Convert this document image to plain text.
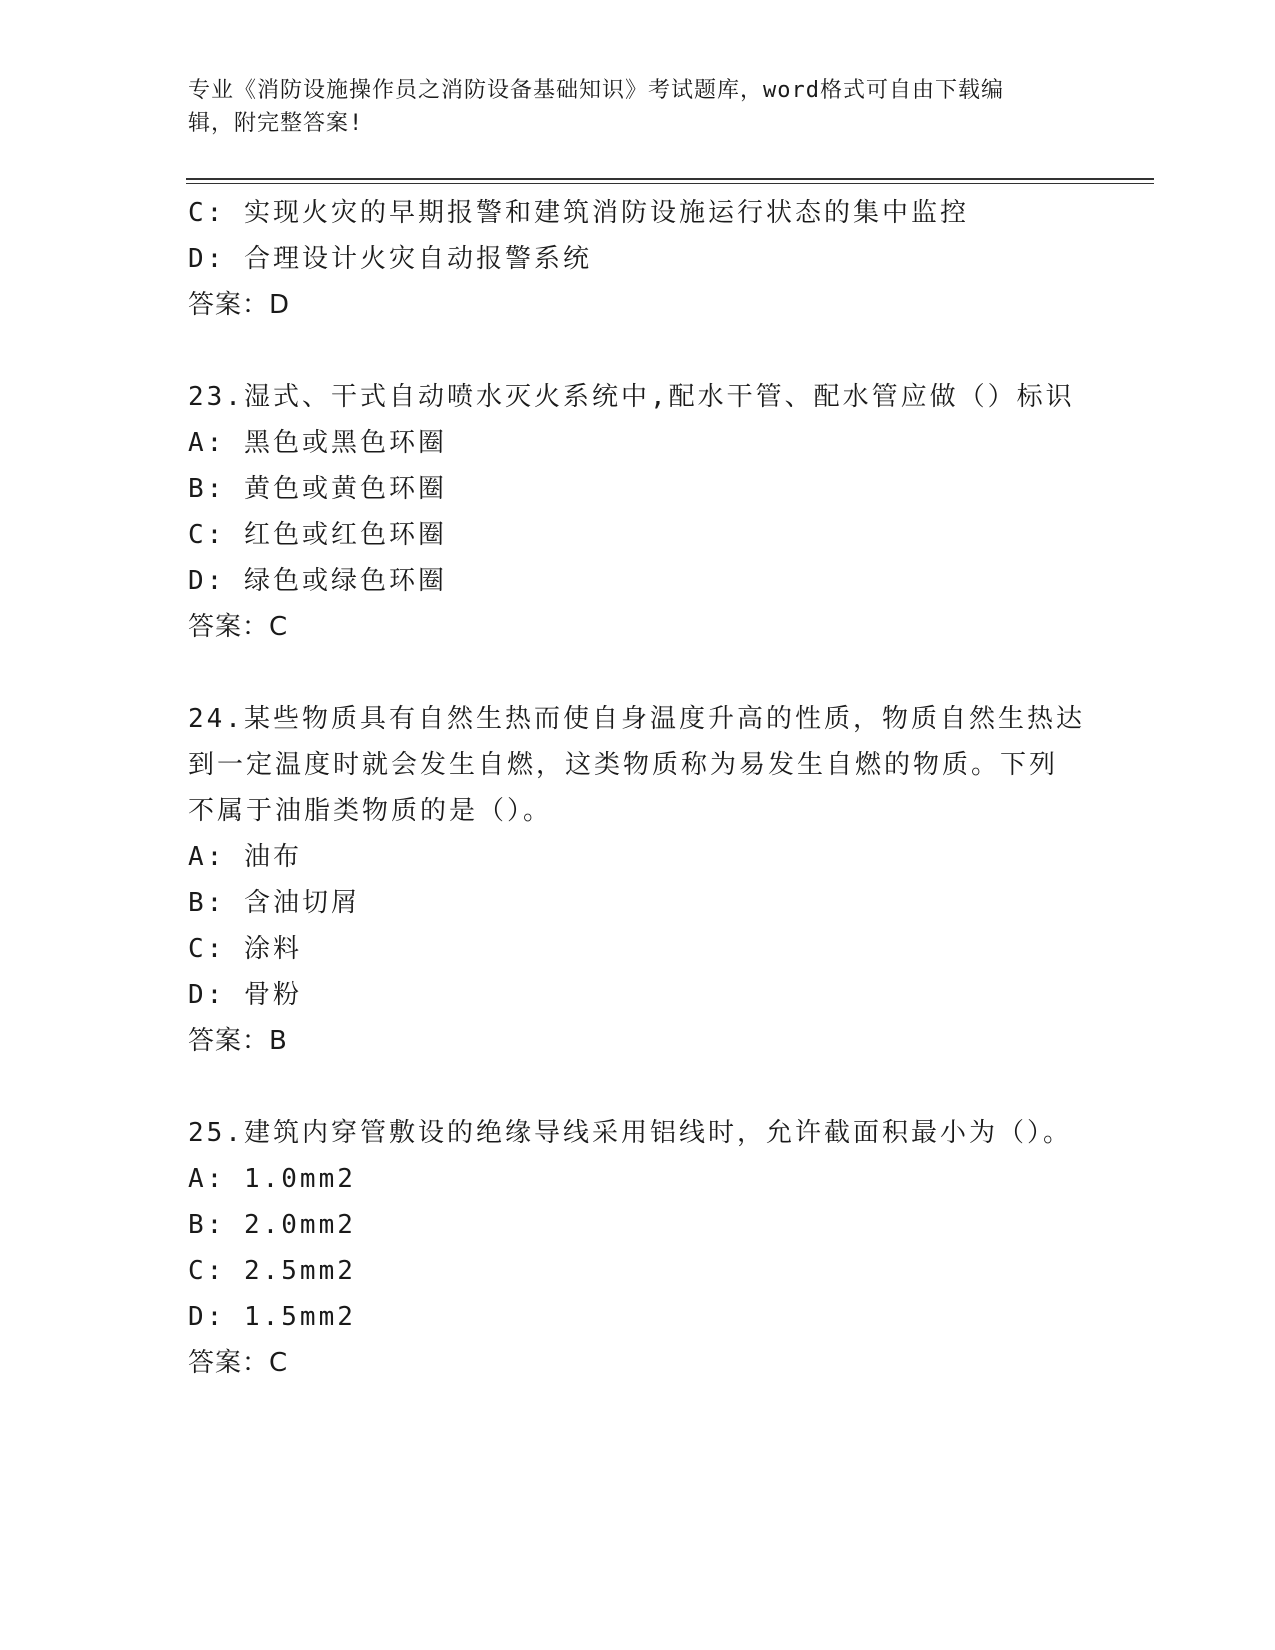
专业《消防设施操作员之消防设备基础知识》考试题库，word格式可自由下载编
辑，附完整答案!
C: 实现火灾的早期报警和建筑消防设施运行状态的集中监控
D: 合理设计火灾自动报警系统
答案：D
23.湿式、干式自动喷水灭火系统中,配水干管、配水管应做（）标识
A: 黑色或黑色环圈
B: 黄色或黄色环圈
C: 红色或红色环圈
D: 绿色或绿色环圈
答案：C
24.某些物质具有自然生热而使自身温度升高的性质，物质自然生热达
到一定温度时就会发生自燃，这类物质称为易发生自燃的物质。下列
不属于油脂类物质的是（）。
A: 油布
B: 含油切屑
C: 涂料
D: 骨粉
答案：B
25.建筑内穿管敷设的绝缘导线采用铝线时，允许截面积最小为（）。
A: 1.0mm2
B: 2.0mm2
C: 2.5mm2
D: 1.5mm2
答案：C
